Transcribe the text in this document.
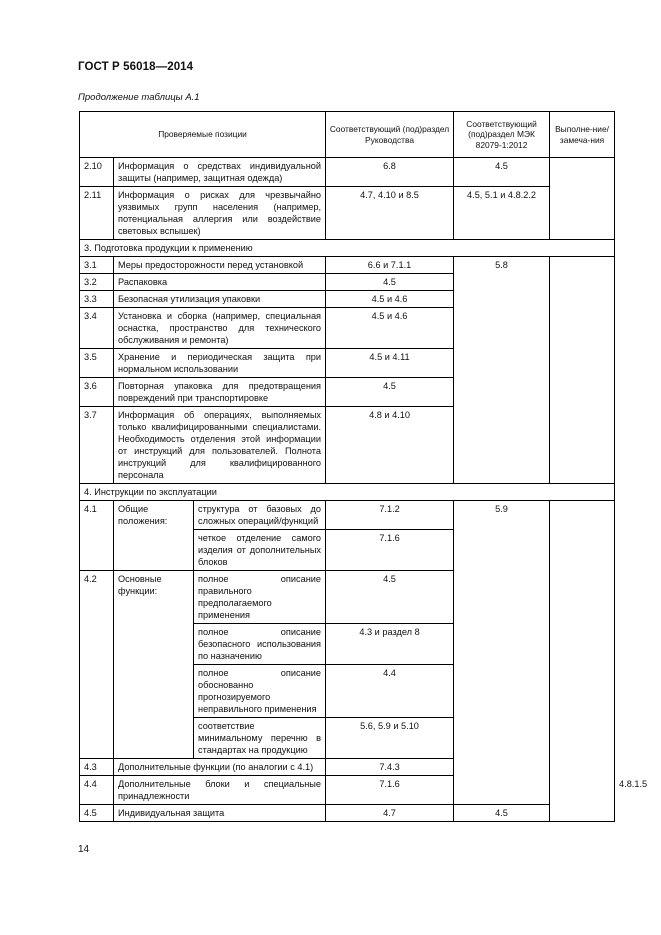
ГОСТ Р 56018—2014
Продолжение таблицы А.1
Проверяемые позиции			Соответствующий (под)раздел Руководства	Соответствующий (под)раздел МЭК 82079-1:2012	Выполне-ние/замеча-ния	
2.10	Информация о средствах индивидуальной защиты (например, защитная одежда)		6.8	4.5		
2.11	Информация о рисках для чрезвычайно уязвимых групп населения (например, потенциальная аллергия или воздействие световых вспышек)		4.7, 4.10 и 8.5	4.5, 5.1 и 4.8.2.2		
3. Подготовка продукции к применению						
3.1	Меры предосторожности перед установкой		6.6 и 7.1.1	5.8		
3.2	Распаковка		4.5			
3.3	Безопасная утилизация упаковки		4.5 и 4.6			
3.4	Установка и сборка (например, специальная оснастка, пространство для технического обслуживания и ремонта)		4.5 и 4.6			
3.5	Хранение и периодическая защита при нормальном использовании		4.5 и 4.11			
3.6	Повторная упаковка для предотвращения повреждений при транспортировке		4.5			
3.7	Информация об операциях, выполняемых только квалифицированными специалистами. Необходимость отделения этой информации от инструкций для пользователей. Полнота инструкций для квалифицированного персонала		4.8 и 4.10			
4. Инструкции по эксплуатации						
4.1	Общие положения:	структура от базовых до сложных операций/функций	7.1.2	5.9		
		четкое отделение самого изделия от дополнительных блоков	7.1.6			
4.2	Основные функции:	полное описание правильного предполагаемого применения	4.5			
		полное описание безопасного использования по назначению	4.3 и раздел 8			
		полное описание обоснованно прогнозируемого неправильного применения	4.4			
		соответствие минимальному перечню в стандартах на продукцию	5.6, 5.9 и 5.10			
4.3	Дополнительные функции (по аналогии с 4.1)		7.4.3			
4.4	Дополнительные блоки и специальные принадлежности		7.1.6			4.8.1.5
4.5	Индивидуальная защита		4.7	4.5		
14
